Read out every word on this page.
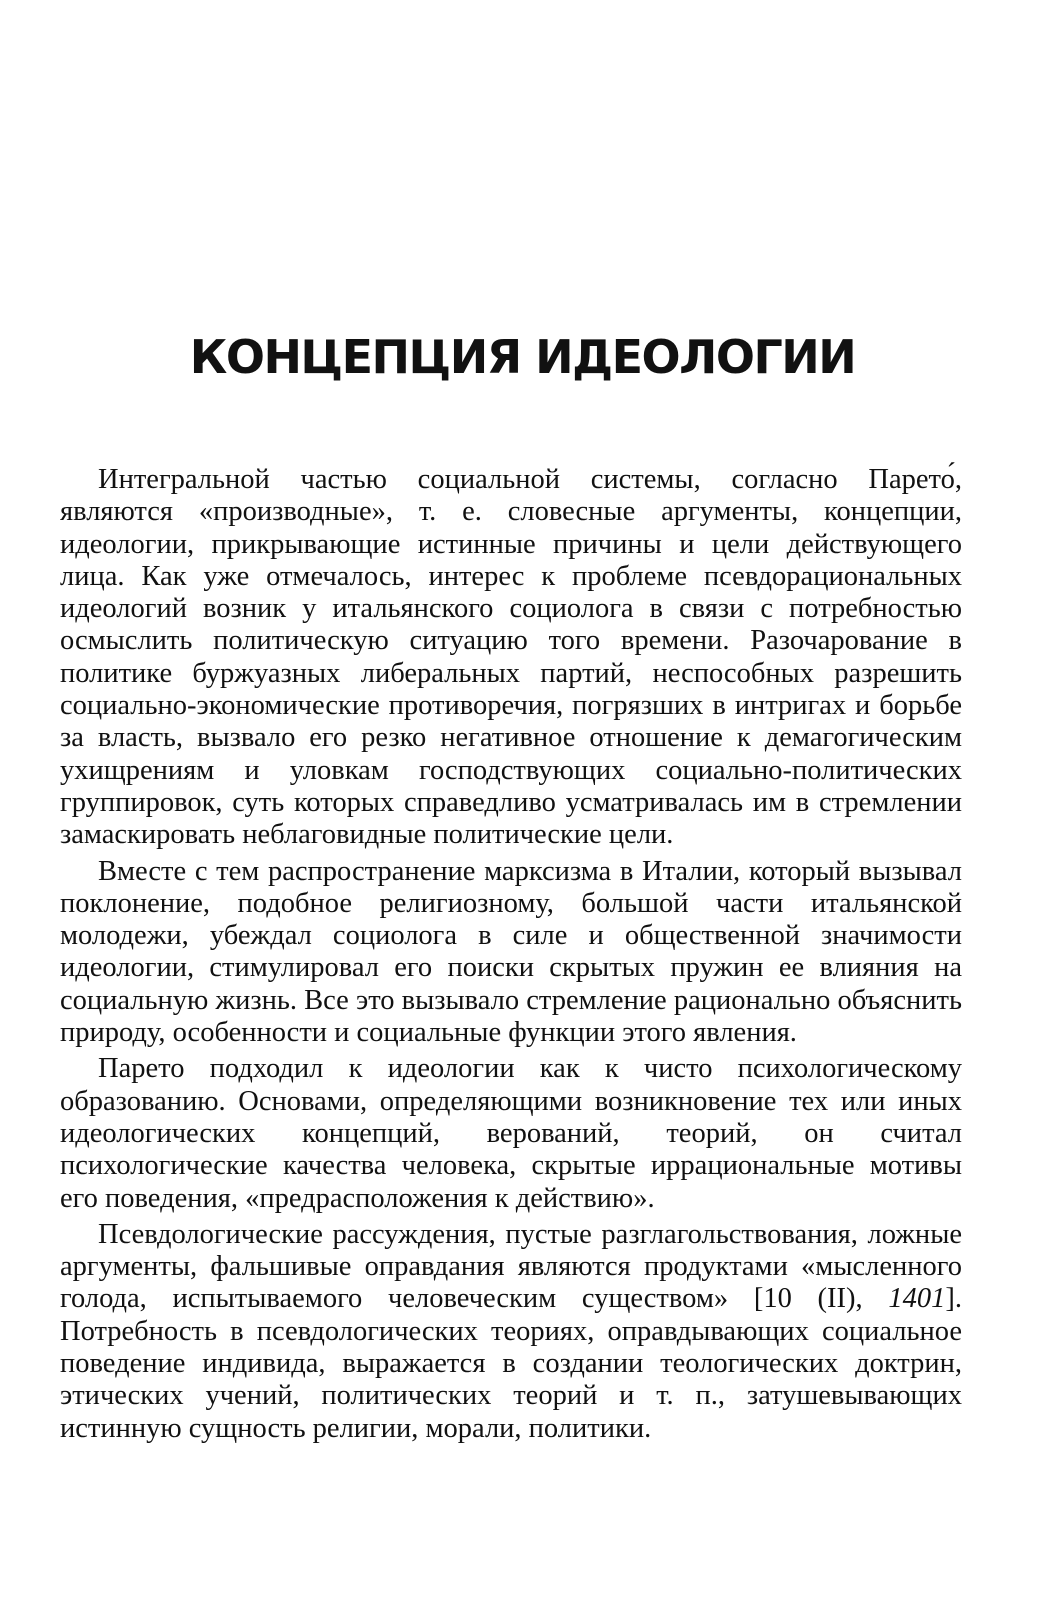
КОНЦЕПЦИЯ ИДЕОЛОГИИ

Интегральной частью социальной системы, согласно Парето́, являются «производные», т. е. словесные аргументы, концепции, идеологии, прикрывающие истинные причины и цели действующего лица. Как уже отмечалось, интерес к проблеме псевдорациональных идеологий возник у итальянского социолога в связи с потребностью осмыслить политическую ситуацию того времени. Разочарование в политике буржуазных либеральных партий, неспособных разрешить социально-экономические противоречия, погрязших в интригах и борьбе за власть, вызвало его резко негативное отношение к демагогическим ухищрениям и уловкам господствующих социально-политических группировок, суть которых справедливо усматривалась им в стремлении замаскировать неблаговидные политические цели.

Вместе с тем распространение марксизма в Италии, который вызывал поклонение, подобное религиозному, большой части итальянской молодежи, убеждал социолога в силе и общественной значимости идеологии, стимулировал его поиски скрытых пружин ее влияния на социальную жизнь. Все это вызывало стремление рационально объяснить природу, особенности и социальные функции этого явления.

Парето подходил к идеологии как к чисто психологическому образованию. Основами, определяющими возникновение тех или иных идеологических концепций, верований, теорий, он считал психологические качества человека, скрытые иррациональные мотивы его поведения, «предрасположения к действию».

Псевдологические рассуждения, пустые разглагольствования, ложные аргументы, фальшивые оправдания являются продуктами «мысленного голода, испытываемого человеческим существом» [10 (II), 1401]. Потребность в псевдологических теориях, оправдывающих социальное поведение индивида, выражается в создании теологических доктрин, этических учений, политических теорий и т. п., затушевывающих истинную сущность религии, морали, политики.
